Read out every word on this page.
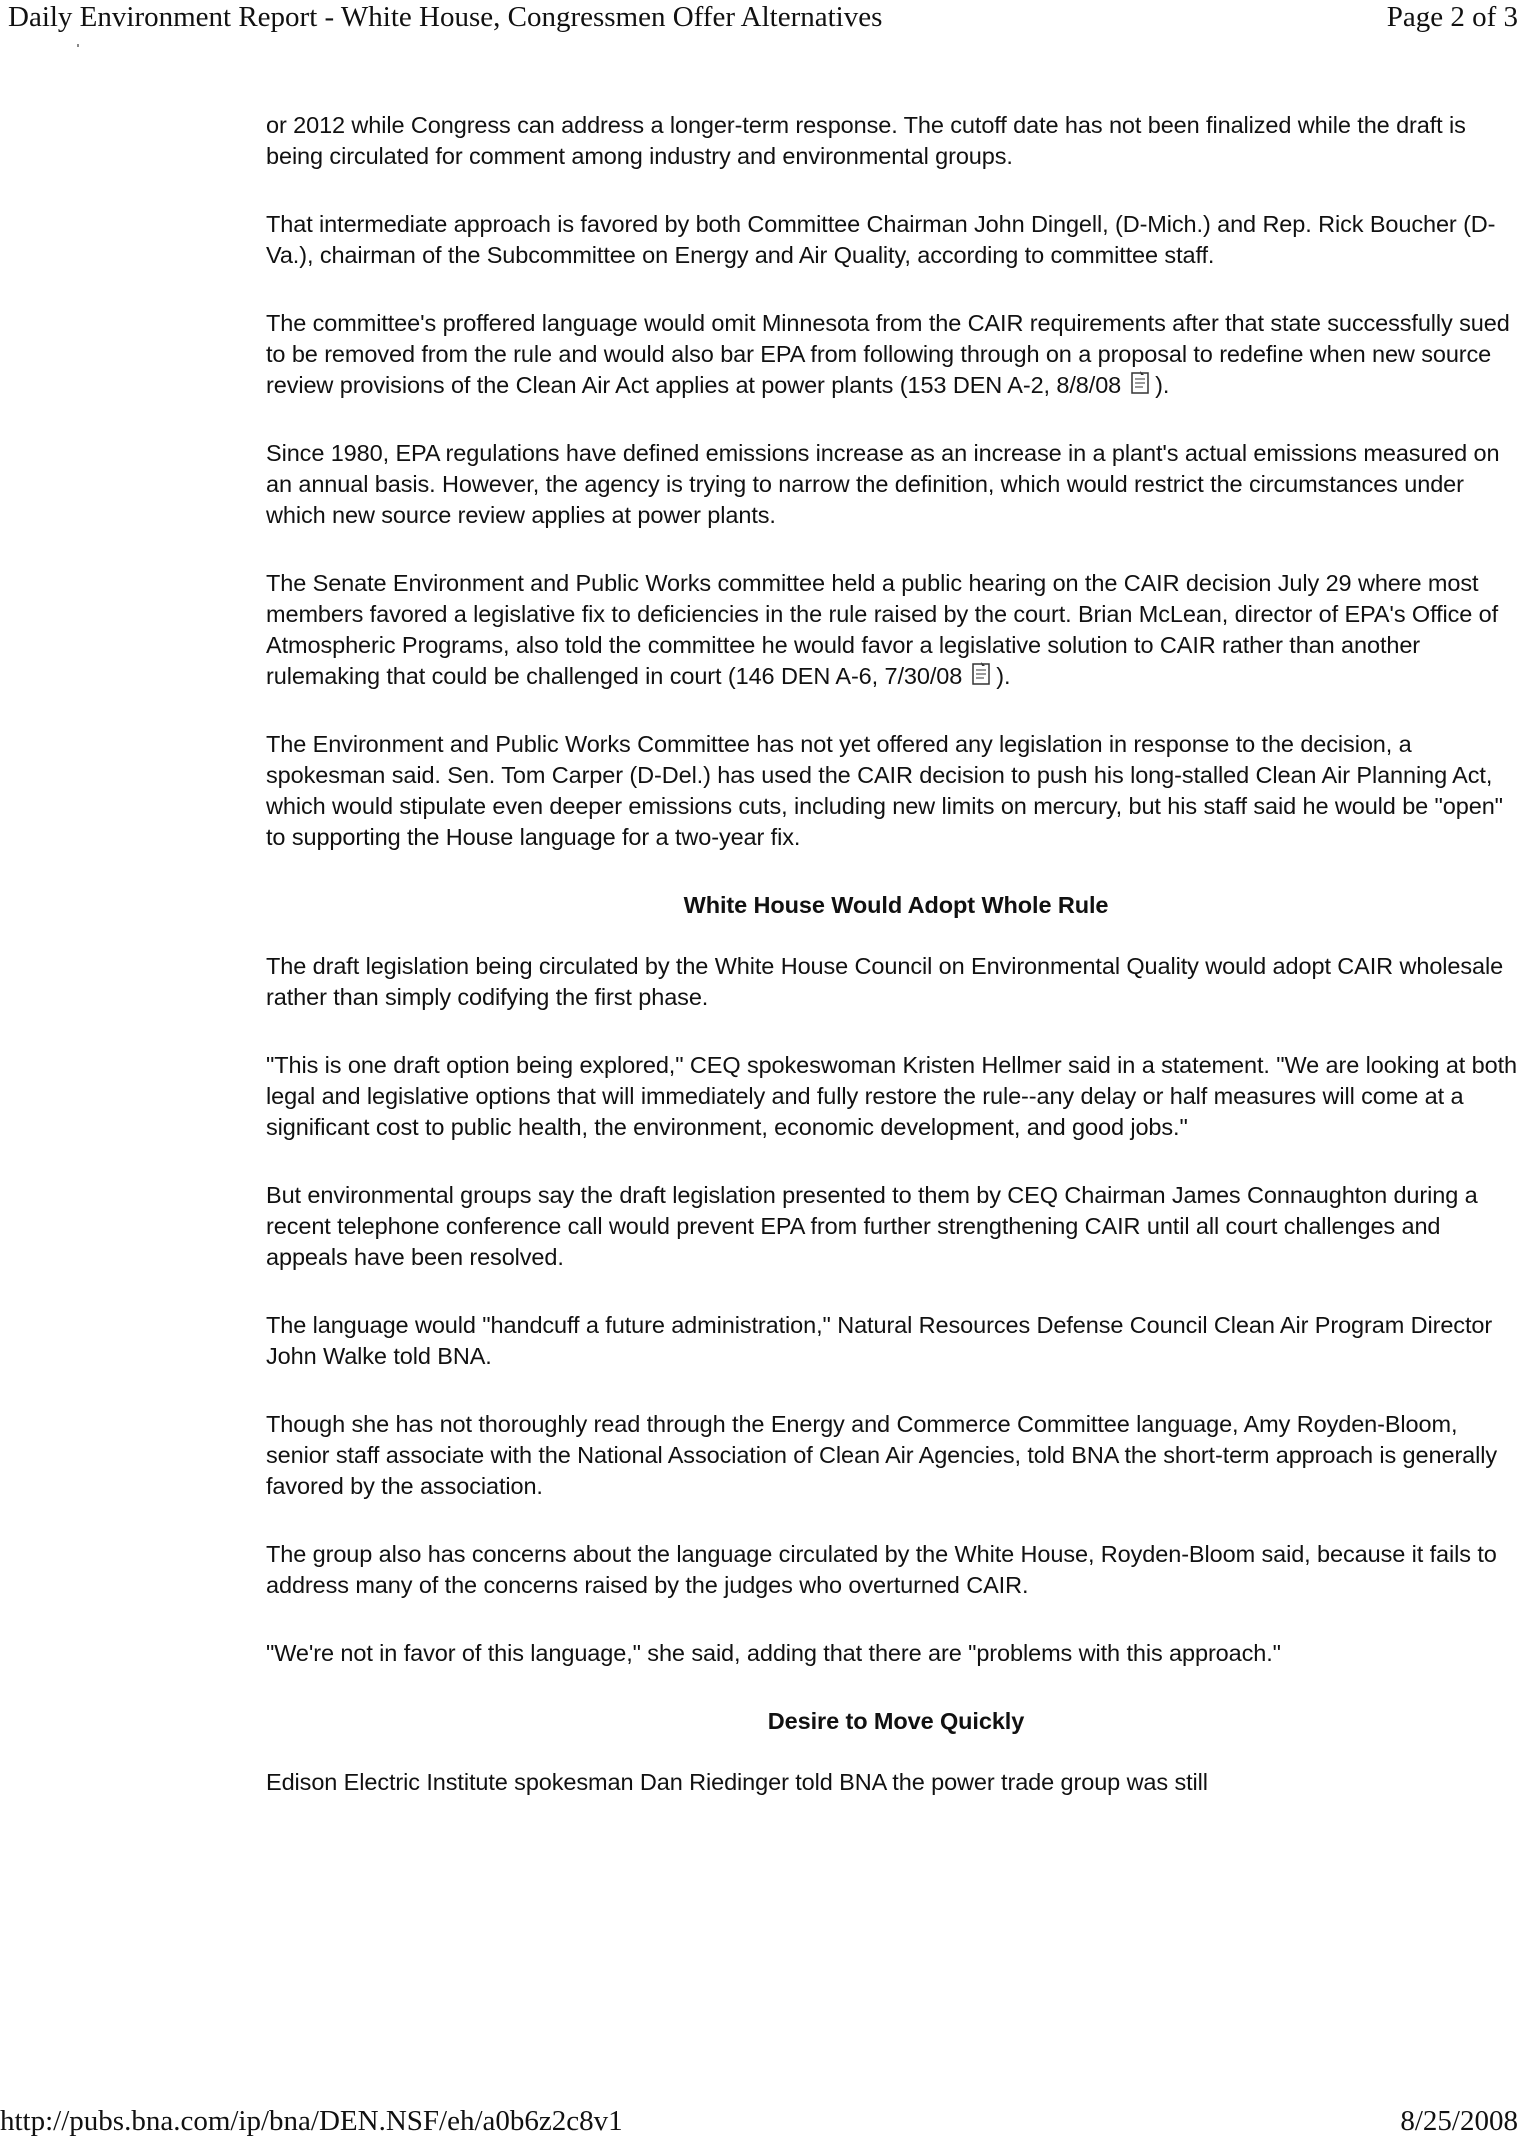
Daily Environment Report - White House, Congressmen Offer Alternatives	Page 2 of 3

or 2012 while Congress can address a longer-term response. The cutoff date has not been finalized while the draft is being circulated for comment among industry and environmental groups.

That intermediate approach is favored by both Committee Chairman John Dingell, (D-Mich.) and Rep. Rick Boucher (D-Va.), chairman of the Subcommittee on Energy and Air Quality, according to committee staff.

The committee's proffered language would omit Minnesota from the CAIR requirements after that state successfully sued to be removed from the rule and would also bar EPA from following through on a proposal to redefine when new source review provisions of the Clean Air Act applies at power plants (153 DEN A-2, 8/8/08 ).

Since 1980, EPA regulations have defined emissions increase as an increase in a plant's actual emissions measured on an annual basis. However, the agency is trying to narrow the definition, which would restrict the circumstances under which new source review applies at power plants.

The Senate Environment and Public Works committee held a public hearing on the CAIR decision July 29 where most members favored a legislative fix to deficiencies in the rule raised by the court. Brian McLean, director of EPA's Office of Atmospheric Programs, also told the committee he would favor a legislative solution to CAIR rather than another rulemaking that could be challenged in court (146 DEN A-6, 7/30/08 ).

The Environment and Public Works Committee has not yet offered any legislation in response to the decision, a spokesman said. Sen. Tom Carper (D-Del.) has used the CAIR decision to push his long-stalled Clean Air Planning Act, which would stipulate even deeper emissions cuts, including new limits on mercury, but his staff said he would be "open" to supporting the House language for a two-year fix.

White House Would Adopt Whole Rule

The draft legislation being circulated by the White House Council on Environmental Quality would adopt CAIR wholesale rather than simply codifying the first phase.

"This is one draft option being explored," CEQ spokeswoman Kristen Hellmer said in a statement. "We are looking at both legal and legislative options that will immediately and fully restore the rule--any delay or half measures will come at a significant cost to public health, the environment, economic development, and good jobs."

But environmental groups say the draft legislation presented to them by CEQ Chairman James Connaughton during a recent telephone conference call would prevent EPA from further strengthening CAIR until all court challenges and appeals have been resolved.

The language would "handcuff a future administration," Natural Resources Defense Council Clean Air Program Director John Walke told BNA.

Though she has not thoroughly read through the Energy and Commerce Committee language, Amy Royden-Bloom, senior staff associate with the National Association of Clean Air Agencies, told BNA the short-term approach is generally favored by the association.

The group also has concerns about the language circulated by the White House, Royden-Bloom said, because it fails to address many of the concerns raised by the judges who overturned CAIR.

"We're not in favor of this language," she said, adding that there are "problems with this approach."

Desire to Move Quickly

Edison Electric Institute spokesman Dan Riedinger told BNA the power trade group was still

http://pubs.bna.com/ip/bna/DEN.NSF/eh/a0b6z2c8v1	8/25/2008
